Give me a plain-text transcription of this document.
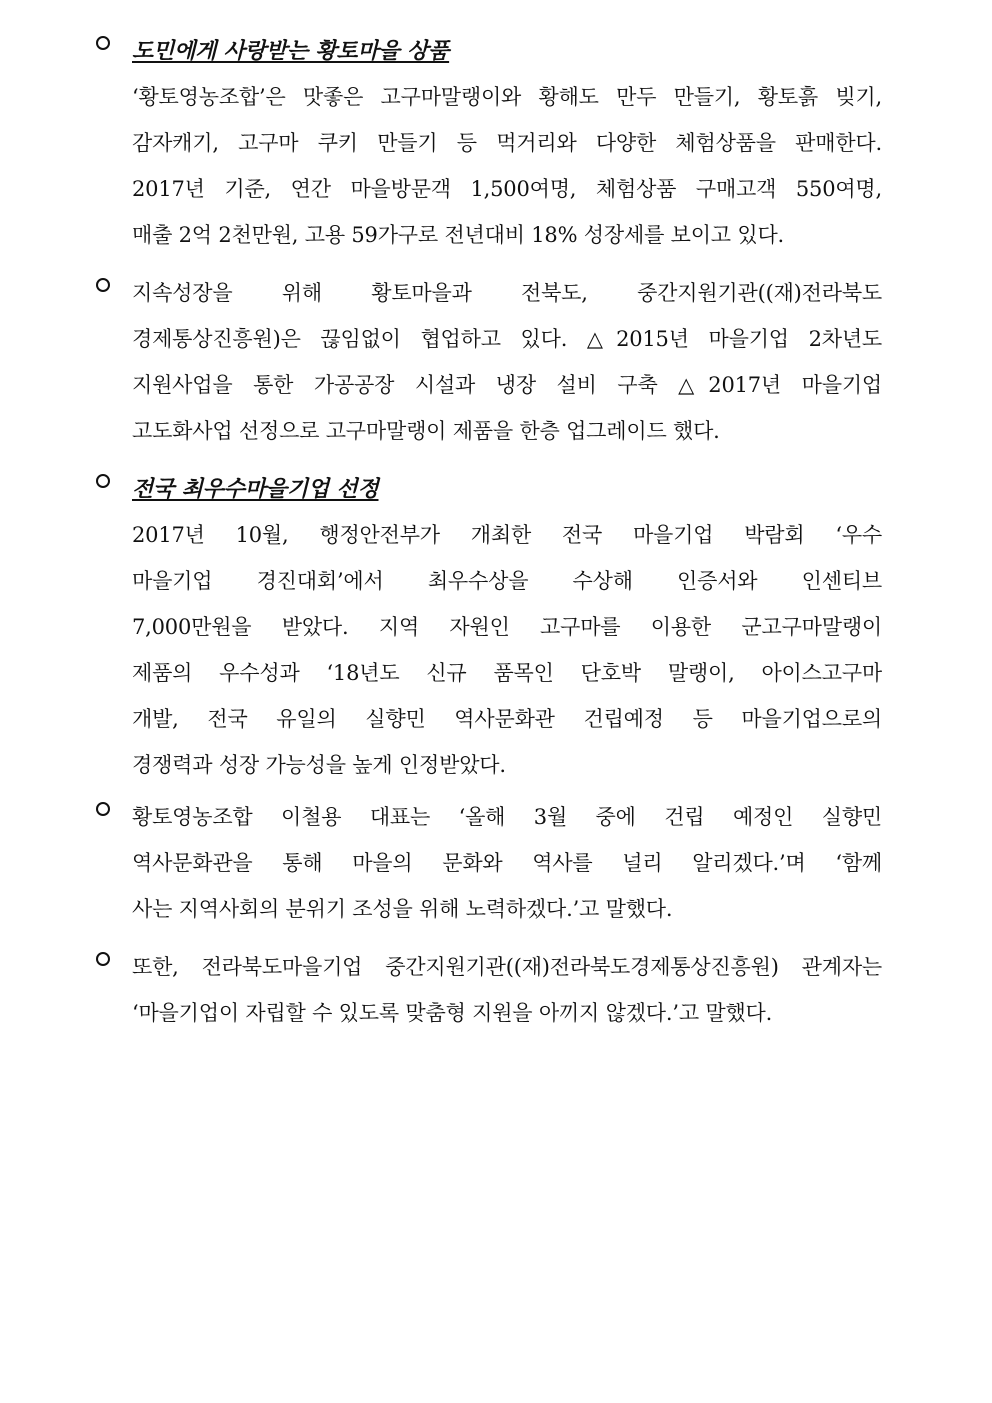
도민에게 사랑받는 황토마을 상품
‘황토영농조합’은 맛좋은 고구마말랭이와 황해도 만두 만들기, 황토흙 빚기,
감자캐기, 고구마 쿠키 만들기 등 먹거리와 다양한 체험상품을 판매한다.
2017년 기준, 연간 마을방문객 1,500여명, 체험상품 구매고객 550여명,
매출 2억 2천만원, 고용 59가구로 전년대비 18% 성장세를 보이고 있다.
지속성장을 위해 황토마을과 전북도, 중간지원기관((재)전라북도
경제통상진흥원)은 끊임없이 협업하고 있다. △2015년 마을기업 2차년도
지원사업을 통한 가공공장 시설과 냉장 설비 구축 △2017년 마을기업
고도화사업 선정으로 고구마말랭이 제품을 한층 업그레이드 했다.
전국 최우수마을기업 선정
2017년 10월, 행정안전부가 개최한 전국 마을기업 박람회 ‘우수
마을기업 경진대회’에서 최우수상을 수상해 인증서와 인센티브
7,000만원을 받았다. 지역 자원인 고구마를 이용한 군고구마말랭이
제품의 우수성과 ‘18년도 신규 품목인 단호박 말랭이, 아이스고구마
개발, 전국 유일의 실향민 역사문화관 건립예정 등 마을기업으로의
경쟁력과 성장 가능성을 높게 인정받았다.
황토영농조합 이철용 대표는 ‘올해 3월 중에 건립 예정인 실향민
역사문화관을 통해 마을의 문화와 역사를 널리 알리겠다.’며 ‘함께
사는 지역사회의 분위기 조성을 위해 노력하겠다.’고 말했다.
또한, 전라북도마을기업 중간지원기관((재)전라북도경제통상진흥원) 관계자는
‘마을기업이 자립할 수 있도록 맞춤형 지원을 아끼지 않겠다.’고 말했다.
